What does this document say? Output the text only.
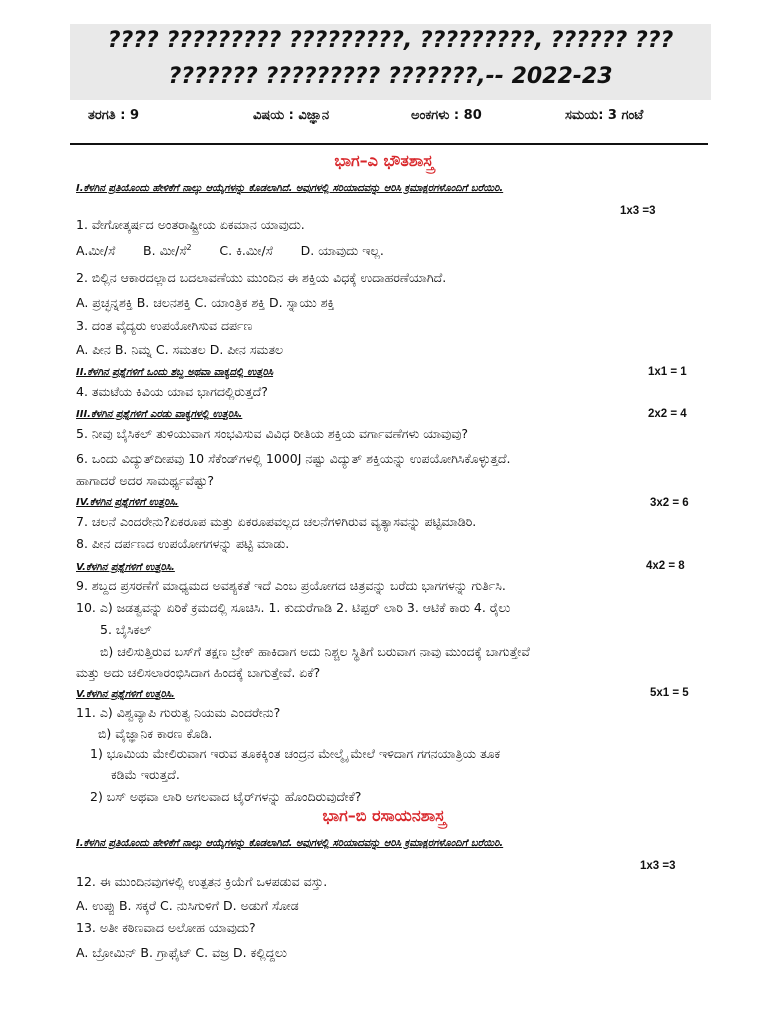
???? ????????? ?????????, ?????????, ?????? ???
??????? ????????? ???????,-- 2022-23
ತರಗತಿ : 9	ವಿಷಯ : ವಿಜ್ಞಾನ	ಅಂಕಗಳು : 80	ಸಮಯ: 3 ಗಂಟೆ
ಭಾಗ–ಎ ಭೌತಶಾಸ್ತ್ರ
I.ಕೆಳಗಿನ ಪ್ರತಿಯೊಂದು ಹೇಳಿಕೆಗೆ ನಾಲ್ಕು ಆಯ್ಕೆಗಳನ್ನು ಕೊಡಲಾಗಿದೆ. ಅವುಗಳಲ್ಲಿ ಸರಿಯಾದವನ್ನು ಆರಿಸಿ ಕ್ರಮಾಕ್ಷರಗಳೊಂದಿಗೆ ಬರೆಯಿರಿ.
1x3 =3
1. ವೇಗೋತ್ಕರ್ಷದ ಅಂತರಾಷ್ಟ್ರೀಯ ಏಕಮಾನ ಯಾವುದು.
A.ಮೀ/ಸೆ B. ಮೀ/ಸೆ$^2$ C. ಕಿ.ಮೀ/ಸೆ D. ಯಾವುದು ಇಲ್ಲ.
2. ಬಿಲ್ಲಿನ ಆಕಾರದಲ್ಲಾದ ಬದಲಾವಣೆಯು ಮುಂದಿನ ಈ ಶಕ್ತಿಯ ವಿಧಕ್ಕೆ ಉದಾಹರಣೆಯಾಗಿದೆ.
A. ಪ್ರಚ್ಛನ್ನಶಕ್ತಿ B. ಚಲನಶಕ್ತಿ C. ಯಾಂತ್ರಿಕ ಶಕ್ತಿ D. ಸ್ನಾಯು ಶಕ್ತಿ
3. ದಂತ ವೈದ್ಯರು ಉಪಯೋಗಿಸುವ ದರ್ಪಣ
A. ಪೀನ B. ನಿಮ್ನ C. ಸಮತಲ D. ಪೀನ ಸಮತಲ
II.ಕೆಳಗಿನ ಪ್ರಶ್ನೆಗಳಿಗೆ ಒಂದು ಶಬ್ದ ಅಥವಾ ವಾಕ್ಯದಲ್ಲಿ ಉತ್ತರಿಸಿ	1x1 = 1
4. ತಮಟೆಯ ಕಿವಿಯ ಯಾವ ಭಾಗದಲ್ಲಿರುತ್ತದೆ?
III.ಕೆಳಗಿನ ಪ್ರಶ್ನೆಗಳಿಗೆ ಎರಡು ವಾಕ್ಯಗಳಲ್ಲಿ ಉತ್ತರಿಸಿ.	2x2 = 4
5. ನೀವು ಬೈಸಿಕಲ್ ತುಳಿಯುವಾಗ ಸಂಭವಿಸುವ ವಿವಿಧ ರೀತಿಯ ಶಕ್ತಿಯ ವರ್ಗಾವಣೆಗಳು ಯಾವುವು?
6. ಒಂದು ವಿದ್ಯುತ್‌ದೀಪವು 10 ಸೆಕೆಂಡ್‌ಗಳಲ್ಲಿ 1000J ನಷ್ಟು ವಿದ್ಯುತ್ ಶಕ್ತಿಯನ್ನು ಉಪಯೋಗಿಸಿಕೊಳ್ಳುತ್ತದೆ.
ಹಾಗಾದರೆ ಅದರ ಸಾಮರ್ಥ್ಯವೆಷ್ಟು?
IV.ಕೆಳಗಿನ ಪ್ರಶ್ನೆಗಳಿಗೆ ಉತ್ತರಿಸಿ.	3x2 = 6
7. ಚಲನೆ ಎಂದರೇನು?ಏಕರೂಪ ಮತ್ತು ಏಕರೂಪವಲ್ಲದ ಚಲನೆಗಳಿಗಿರುವ ವ್ಯತ್ಯಾಸವನ್ನು ಪಟ್ಟಿಮಾಡಿರಿ.
8. ಪೀನ ದರ್ಪಣದ ಉಪಯೋಗಗಳನ್ನು ಪಟ್ಟಿ ಮಾಡು.
V.ಕೆಳಗಿನ ಪ್ರಶ್ನೆಗಳಿಗೆ ಉತ್ತರಿಸಿ.	4x2 = 8
9. ಶಬ್ದದ ಪ್ರಸರಣೆಗೆ ಮಾಧ್ಯಮದ ಅವಶ್ಯಕತೆ ಇದೆ ಎಂಬ ಪ್ರಯೋಗದ ಚಿತ್ರವನ್ನು ಬರೆದು ಭಾಗಗಳನ್ನು ಗುರ್ತಿಸಿ.
10. ಎ) ಜಡತ್ವವನ್ನು ಏರಿಕೆ ಕ್ರಮದಲ್ಲಿ ಸೂಚಿಸಿ. 1. ಕುದುರೆಗಾಡಿ 2. ಟಿಪ್ಪರ್ ಲಾರಿ 3. ಆಟಿಕೆ ಕಾರು 4. ರೈಲು
5. ಬೈಸಿಕಲ್
ಬಿ) ಚಲಿಸುತ್ತಿರುವ ಬಸ್‌ಗೆ ತಕ್ಷಣ ಬ್ರೇಕ್ ಹಾಕಿದಾಗ ಅದು ನಿಶ್ಚಲ ಸ್ಥಿತಿಗೆ ಬರುವಾಗ ನಾವು ಮುಂದಕ್ಕೆ ಬಾಗುತ್ತೇವೆ
ಮತ್ತು ಅದು ಚಲಿಸಲಾರಂಭಿಸಿದಾಗ ಹಿಂದಕ್ಕೆ ಬಾಗುತ್ತೇವೆ. ಏಕೆ?
V.ಕೆಳಗಿನ ಪ್ರಶ್ನೆಗಳಿಗೆ ಉತ್ತರಿಸಿ.	5x1 = 5
11. ಎ) ವಿಶ್ವವ್ಯಾಪಿ ಗುರುತ್ವ ನಿಯಮ ಎಂದರೇನು?
ಬಿ) ವೈಜ್ಞಾನಿಕ ಕಾರಣ ಕೊಡಿ.
1) ಭೂಮಿಯ ಮೇಲಿರುವಾಗ ಇರುವ ತೂಕಕ್ಕಿಂತ ಚಂದ್ರನ ಮೇಲ್ಮೈ ಮೇಲೆ ಇಳಿದಾಗ ಗಗನಯಾತ್ರಿಯ ತೂಕ
ಕಡಿಮೆ ಇರುತ್ತದೆ.
2) ಬಸ್ ಅಥವಾ ಲಾರಿ ಅಗಲವಾದ ಟೈರ್‌ಗಳನ್ನು ಹೊಂದಿರುವುದೇಕೆ?
ಭಾಗ–ಬಿ ರಸಾಯನಶಾಸ್ತ್ರ
I.ಕೆಳಗಿನ ಪ್ರತಿಯೊಂದು ಹೇಳಿಕೆಗೆ ನಾಲ್ಕು ಆಯ್ಕೆಗಳನ್ನು ಕೊಡಲಾಗಿದೆ. ಅವುಗಳಲ್ಲಿ ಸರಿಯಾದವನ್ನು ಆರಿಸಿ ಕ್ರಮಾಕ್ಷರಗಳೊಂದಿಗೆ ಬರೆಯಿರಿ.
1x3 =3
12. ಈ ಮುಂದಿನವುಗಳಲ್ಲಿ ಉತ್ಪತನ ಕ್ರಿಯೆಗೆ ಒಳಪಡುವ ವಸ್ತು.
A. ಉಪ್ಪು B. ಸಕ್ಕರೆ C. ನುಸಿಗುಳಿಗೆ D. ಅಡುಗೆ ಸೋಡ
13. ಅತೀ ಕಠಿಣವಾದ ಅಲೋಹ ಯಾವುದು?
A. ಬ್ರೋಮಿನ್ B. ಗ್ರಾಫೈಟ್ C. ವಜ್ರ D. ಕಲ್ಲಿದ್ದಲು
